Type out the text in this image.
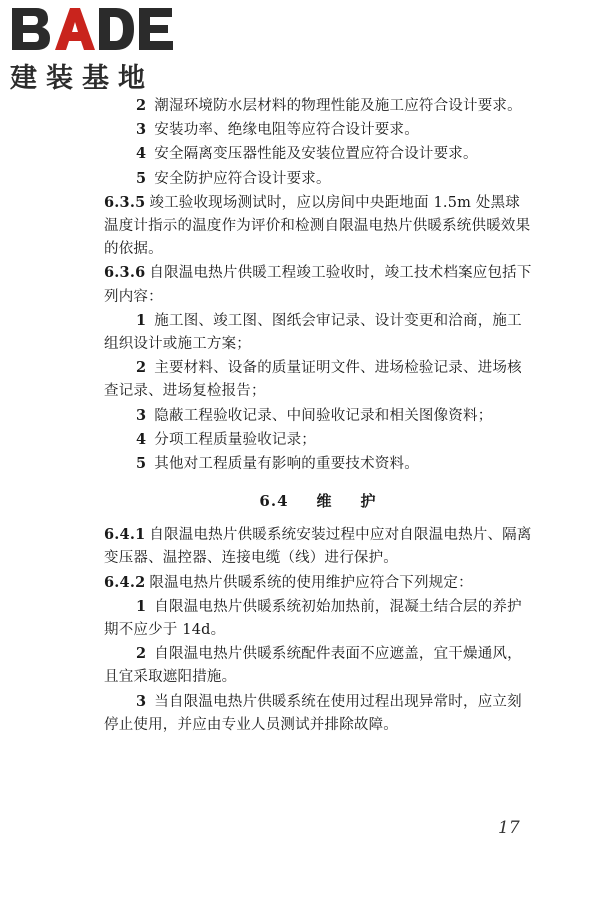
建装基地

2 潮湿环境防水层材料的物理性能及施工应符合设计要求。

3 安装功率、绝缘电阻等应符合设计要求。

4 安全隔离变压器性能及安装位置应符合设计要求。

5 安全防护应符合设计要求。

6.3.5 竣工验收现场测试时，应以房间中央距地面 1.5m 处黑球温度计指示的温度作为评价和检测自限温电热片供暖系统供暖效果的依据。

6.3.6 自限温电热片供暖工程竣工验收时，竣工技术档案应包括下列内容：

1 施工图、竣工图、图纸会审记录、设计变更和洽商，施工组织设计或施工方案；

2 主要材料、设备的质量证明文件、进场检验记录、进场核查记录、进场复检报告；

3 隐蔽工程验收记录、中间验收记录和相关图像资料；

4 分项工程质量验收记录；

5 其他对工程质量有影响的重要技术资料。

6.4 维 护

6.4.1 自限温电热片供暖系统安装过程中应对自限温电热片、隔离变压器、温控器、连接电缆（线）进行保护。

6.4.2 限温电热片供暖系统的使用维护应符合下列规定：

1 自限温电热片供暖系统初始加热前，混凝土结合层的养护期不应少于 14d。

2 自限温电热片供暖系统配件表面不应遮盖，宜干燥通风，且宜采取遮阳措施。

3 当自限温电热片供暖系统在使用过程出现异常时，应立刻停止使用，并应由专业人员测试并排除故障。

17
